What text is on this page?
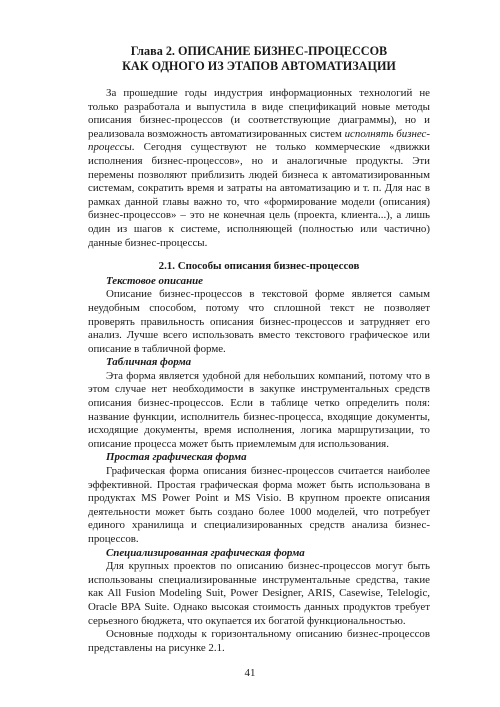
Глава 2. ОПИСАНИЕ БИЗНЕС-ПРОЦЕССОВ
КАК ОДНОГО ИЗ ЭТАПОВ АВТОМАТИЗАЦИИ

За прошедшие годы индустрия информационных технологий не только разработала и выпустила в виде спецификаций новые методы описания бизнес-процессов (и соответствующие диаграммы), но и реализовала возможность автоматизированных систем исполнять бизнес-процессы. Сегодня существуют не только коммерческие «движки исполнения бизнес-процессов», но и аналогичные продукты. Эти перемены позволяют приблизить людей бизнеса к автоматизированным системам, сократить время и затраты на автоматизацию и т. п. Для нас в рамках данной главы важно то, что «формирование модели (описания) бизнес-процессов» – это не конечная цель (проекта, клиента...), а лишь один из шагов к системе, исполняющей (полностью или частично) данные бизнес-процессы.

2.1. Способы описания бизнес-процессов
Текстовое описание

Описание бизнес-процессов в текстовой форме является самым неудобным способом, потому что сплошной текст не позволяет проверять правильность описания бизнес-процессов и затрудняет его анализ. Лучше всего использовать вместо текстового графическое или описание в табличной форме.

Табличная форма

Эта форма является удобной для небольших компаний, потому что в этом случае нет необходимости в закупке инструментальных средств описания бизнес-процессов. Если в таблице четко определить поля: название функции, исполнитель бизнес-процесса, входящие документы, исходящие документы, время исполнения, логика маршрутизации, то описание процесса может быть приемлемым для использования.

Простая графическая форма

Графическая форма описания бизнес-процессов считается наиболее эффективной. Простая графическая форма может быть использована в продуктах MS Power Point и MS Visio. В крупном проекте описания деятельности может быть создано более 1000 моделей, что потребует единого хранилища и специализированных средств анализа бизнес-процессов.

Специализированная графическая форма

Для крупных проектов по описанию бизнес-процессов могут быть использованы специализированные инструментальные средства, такие как All Fusion Modeling Suit, Power Designer, ARIS, Casewise, Telelogic, Oracle BPA Suite. Однако высокая стоимость данных продуктов требует серьезного бюджета, что окупается их богатой функциональностью.

Основные подходы к горизонтальному описанию бизнес-процессов представлены на рисунке 2.1.

41
